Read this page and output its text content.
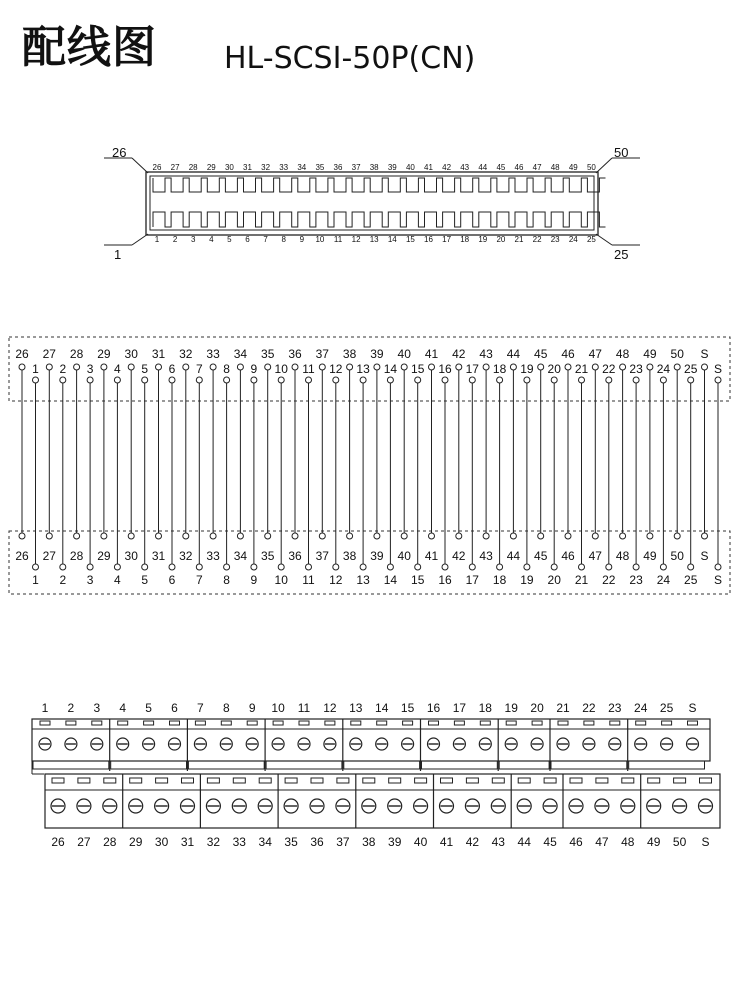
配线图 HL-SCSI-50P(CN)
26	50
1	25
26 27 28 29 30 31 32 33 34 35 36 37 38 39 40 41 42 43 44 45 46 47 48 49 50
1 2 3 4 5 6 7 8 9 10 11 12 13 14 15 16 17 18 19 20 21 22 23 24 25
26
1
26
1
27
2
27
2
28
3
28
3
29
4
29
4
30
5
30
5
31
6
31
6
32
7
32
7
33
8
33
8
34
9
34
9
35
10
35
10
36
11
36
11
37
12
37
12
38
13
38
13
39
14
39
14
40
15
40
15
41
16
41
16
42
17
42
17
43
18
43
18
44
19
44
19
45
20
45
20
46
21
46
21
47
22
47
22
48
23
48
23
49
24
49
24
50
25
50
25
S
S
S
S
1 2 3 4 5 6 7 8 9 10 11 12 13 14 15 16 17 18 19 20 21 22 23 24 25 S
26 27 28 29 30 31 32 33 34 35 36 37 38 39 40 41 42 43 44 45 46 47 48 49 50 S
